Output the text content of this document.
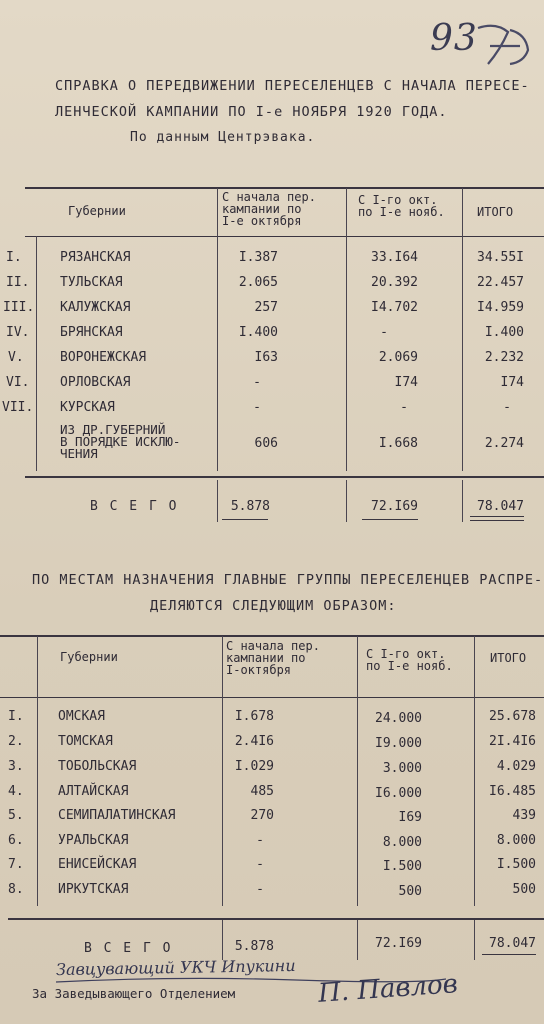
93
СПРАВКА О ПЕРЕДВИЖЕНИИ ПЕРЕСЕЛЕНЦЕВ С НАЧАЛА ПЕРЕСЕ-
ЛЕНЧЕСКОЙ КАМПАНИИ ПО I-е НОЯБРЯ 1920 ГОДА.
По данным Центрэвака.
Губернии
С начала пер.
кампании по
I-е октября
С I-го окт.
по I-е нояб.	ИТОГО
I.	РЯЗАНСКАЯ	I.387	33.I64	34.55I
II. ТУЛЬСКАЯ	2.065	20.392	22.457
III. КАЛУЖСКАЯ	257	I4.702	I4.959
IV. БРЯНСКАЯ	I.400	-	I.400
V.	ВОРОНЕЖСКАЯ	I63	2.069	2.232
VI.	ОРЛОВСКАЯ	-	I74	I74
VII. КУРСКАЯ	-	-	-
ИЗ ДР.ГУБЕРНИЙ
В ПОРЯДКЕ ИСКЛЮ-
ЧЕНИЯ
606	I.668	2.274
В С Е Г О	5.878	72.I69	78.047
ПО МЕСТАМ НАЗНАЧЕНИЯ ГЛАВНЫЕ ГРУППЫ ПЕРЕСЕЛЕНЦЕВ РАСПРЕ-
ДЕЛЯЮТСЯ СЛЕДУЮЩИМ ОБРАЗОМ:
Губернии
С начала пер.
кампании по
I-октября
С I-го окт.
по I-е нояб.
ИТОГО
I.	ОМСКАЯ	I.678	24.000	25.678
2.	ТОМСКАЯ	2.4I6	I9.000	2I.4I6
3.	ТОБОЛЬСКАЯ	I.029	3.000	4.029
4.	АЛТАЙСКАЯ	485	I6.000	I6.485
5.	СЕМИПАЛАТИНСКАЯ	270	I69	439
6.	УРАЛЬСКАЯ	-	8.000	8.000
7.	ЕНИСЕЙСКАЯ	-	I.500	I.500
8.	ИРКУТСКАЯ	-	500	500
В С Е Г О	5.878	72.I69	78.047
Завцувающий УКЧ Ипукини
За Заведывающего Отделением	П. Павлов
